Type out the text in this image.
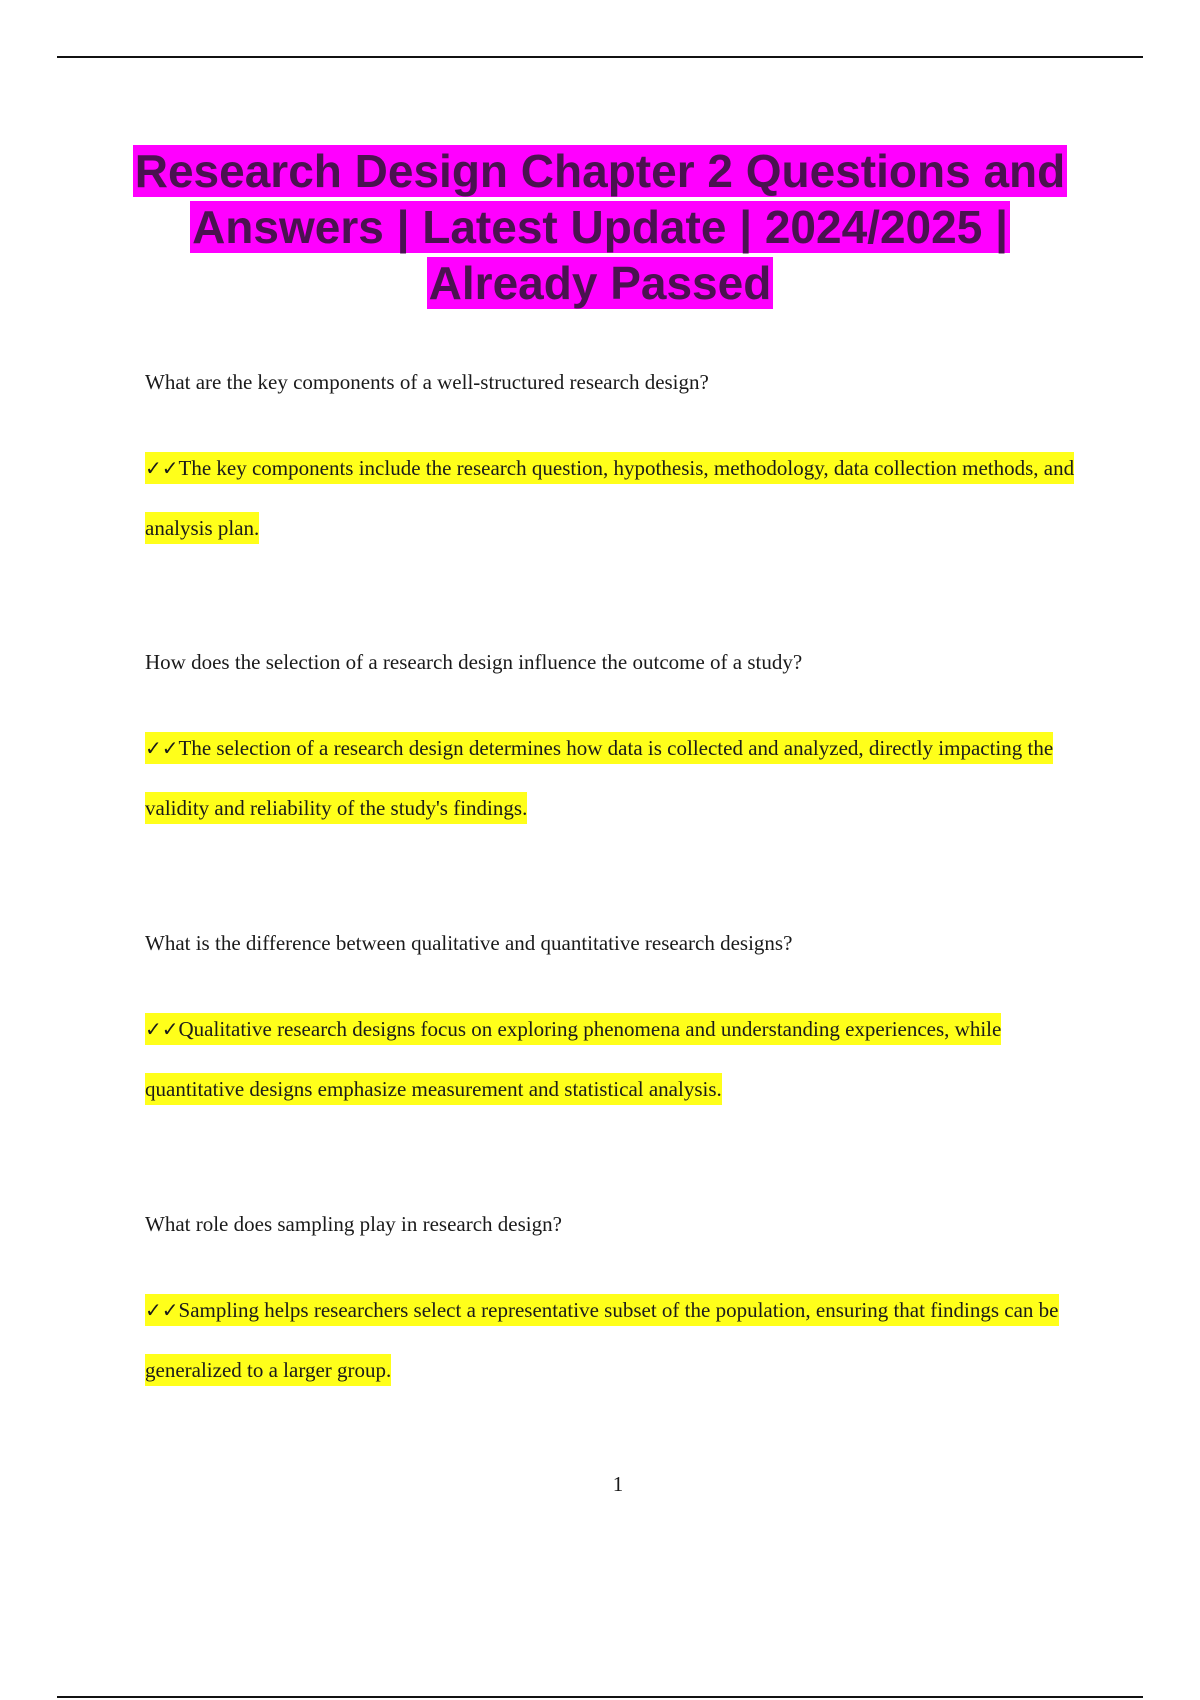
Research Design Chapter 2 Questions and Answers | Latest Update | 2024/2025 | Already Passed

What are the key components of a well-structured research design?

✓✓The key components include the research question, hypothesis, methodology, data collection methods, and analysis plan.

How does the selection of a research design influence the outcome of a study?

✓✓The selection of a research design determines how data is collected and analyzed, directly impacting the validity and reliability of the study's findings.

What is the difference between qualitative and quantitative research designs?

✓✓Qualitative research designs focus on exploring phenomena and understanding experiences, while quantitative designs emphasize measurement and statistical analysis.

What role does sampling play in research design?

✓✓Sampling helps researchers select a representative subset of the population, ensuring that findings can be generalized to a larger group.

1
